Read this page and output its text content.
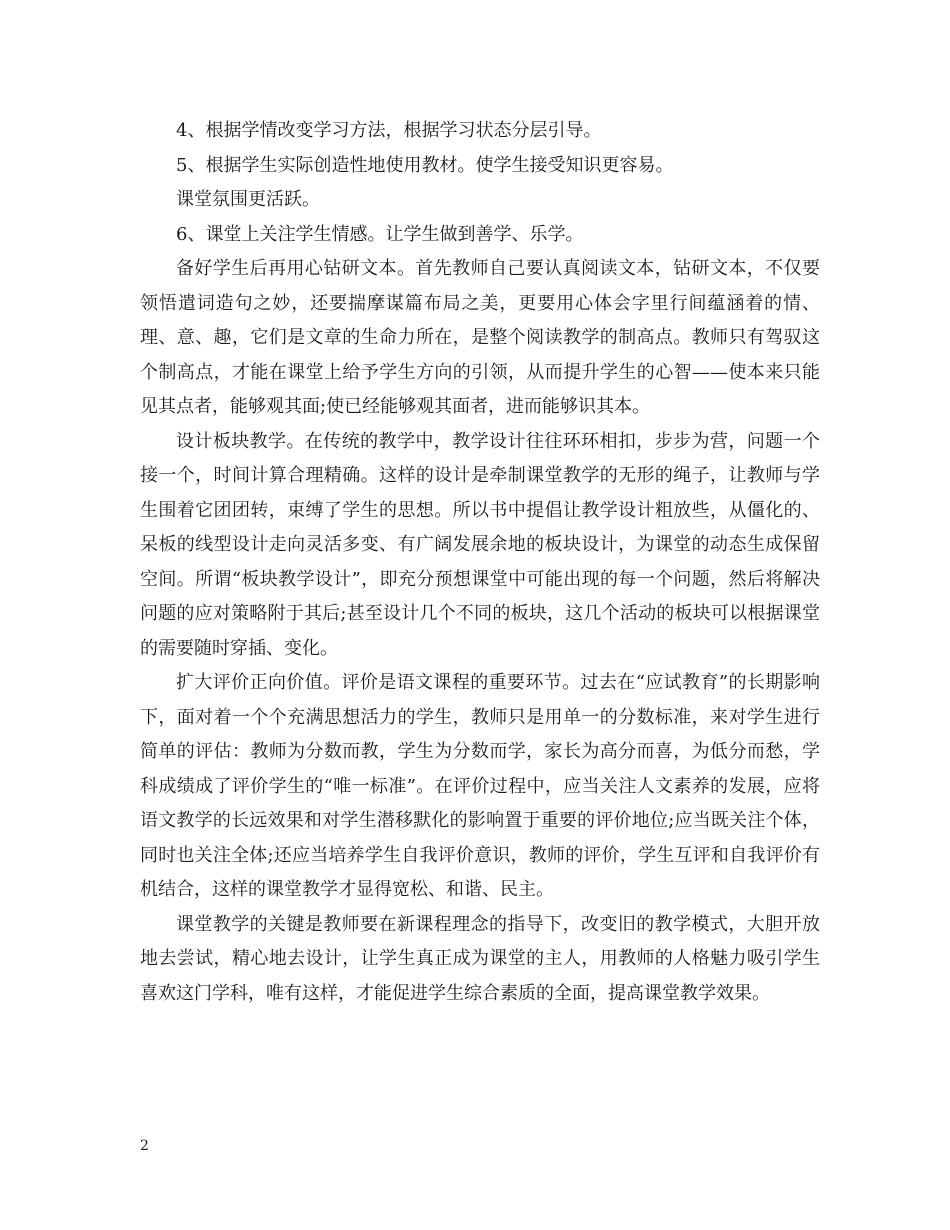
4、根据学情改变学习方法，根据学习状态分层引导。

5、根据学生实际创造性地使用教材。使学生接受知识更容易。

课堂氛围更活跃。

6、课堂上关注学生情感。让学生做到善学、乐学。

备好学生后再用心钻研文本。首先教师自己要认真阅读文本，钻研文本，不仅要领悟遣词造句之妙，还要揣摩谋篇布局之美，更要用心体会字里行间蕴涵着的情、理、意、趣，它们是文章的生命力所在，是整个阅读教学的制高点。教师只有驾驭这个制高点，才能在课堂上给予学生方向的引领，从而提升学生的心智——使本来只能见其点者，能够观其面;使已经能够观其面者，进而能够识其本。

设计板块教学。在传统的教学中，教学设计往往环环相扣，步步为营，问题一个接一个，时间计算合理精确。这样的设计是牵制课堂教学的无形的绳子，让教师与学生围着它团团转，束缚了学生的思想。所以书中提倡让教学设计粗放些，从僵化的、呆板的线型设计走向灵活多变、有广阔发展余地的板块设计，为课堂的动态生成保留空间。所谓“板块教学设计”，即充分预想课堂中可能出现的每一个问题，然后将解决问题的应对策略附于其后;甚至设计几个不同的板块，这几个活动的板块可以根据课堂的需要随时穿插、变化。

扩大评价正向价值。评价是语文课程的重要环节。过去在“应试教育”的长期影响下，面对着一个个充满思想活力的学生，教师只是用单一的分数标准，来对学生进行简单的评估：教师为分数而教，学生为分数而学，家长为高分而喜，为低分而愁，学科成绩成了评价学生的“唯一标准”。在评价过程中，应当关注人文素养的发展，应将语文教学的长远效果和对学生潜移默化的影响置于重要的评价地位;应当既关注个体，同时也关注全体;还应当培养学生自我评价意识，教师的评价，学生互评和自我评价有机结合，这样的课堂教学才显得宽松、和谐、民主。

课堂教学的关键是教师要在新课程理念的指导下，改变旧的教学模式，大胆开放地去尝试，精心地去设计，让学生真正成为课堂的主人，用教师的人格魅力吸引学生喜欢这门学科，唯有这样，才能促进学生综合素质的全面，提高课堂教学效果。

2
